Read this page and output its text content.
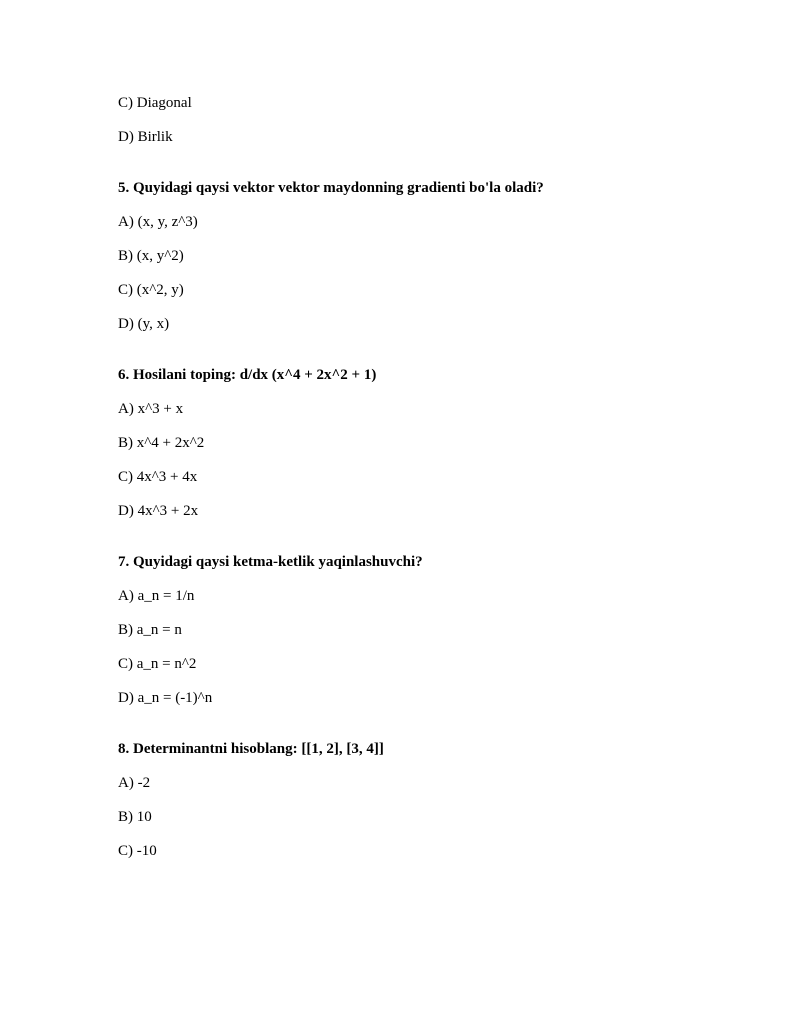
C) Diagonal
D) Birlik
5. Quyidagi qaysi vektor vektor maydonning gradienti bo'la oladi?
A) (x, y, z^3)
B) (x, y^2)
C) (x^2, y)
D) (y, x)
6. Hosilani toping: d/dx (x^4 + 2x^2 + 1)
A) x^3 + x
B) x^4 + 2x^2
C) 4x^3 + 4x
D) 4x^3 + 2x
7. Quyidagi qaysi ketma-ketlik yaqinlashuvchi?
A) a_n = 1/n
B) a_n = n
C) a_n = n^2
D) a_n = (-1)^n
8. Determinantni hisoblang: [[1, 2], [3, 4]]
A) -2
B) 10
C) -10
